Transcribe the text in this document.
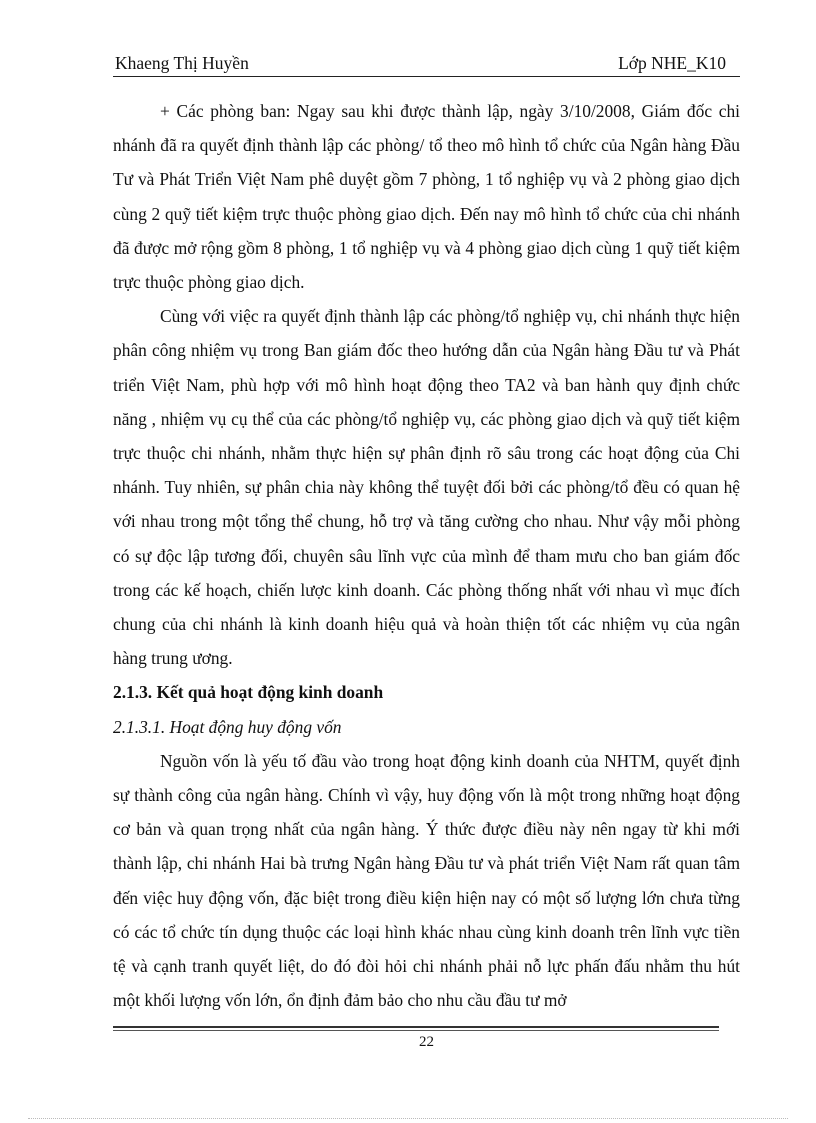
Khaeng Thị Huyền	Lớp NHE_K10

+ Các phòng ban: Ngay sau khi được thành lập, ngày 3/10/2008, Giám đốc chi nhánh đã ra quyết định thành lập các phòng/ tổ theo mô hình tổ chức của Ngân hàng Đầu Tư và Phát Triển Việt Nam phê duyệt gồm 7 phòng, 1 tổ nghiệp vụ và 2 phòng giao dịch cùng 2 quỹ tiết kiệm trực thuộc phòng giao dịch. Đến nay mô hình tổ chức của chi nhánh đã được mở rộng gồm 8 phòng, 1 tổ nghiệp vụ và 4 phòng giao dịch cùng 1 quỹ tiết kiệm trực thuộc phòng giao dịch.

Cùng với việc ra quyết định thành lập các phòng/tổ nghiệp vụ, chi nhánh thực hiện phân công nhiệm vụ trong Ban giám đốc theo hướng dẫn của Ngân hàng Đầu tư và Phát triển Việt Nam, phù hợp với mô hình hoạt động theo TA2 và ban hành quy định chức năng , nhiệm vụ cụ thể của các phòng/tổ nghiệp vụ, các phòng giao dịch và quỹ tiết kiệm trực thuộc chi nhánh, nhằm thực hiện sự phân định rõ sâu trong các hoạt động của Chi nhánh. Tuy nhiên, sự phân chia này không thể tuyệt đối bởi các phòng/tổ đều có quan hệ với nhau trong một tổng thể chung, hỗ trợ và tăng cường cho nhau. Như vậy mỗi phòng có sự độc lập tương đối, chuyên sâu lĩnh vực của mình để tham mưu cho ban giám đốc trong các kế hoạch, chiến lược kinh doanh. Các phòng thống nhất với nhau vì mục đích chung của chi nhánh là kinh doanh hiệu quả và hoàn thiện tốt các nhiệm vụ của ngân hàng trung ương.

2.1.3. Kết quả hoạt động kinh doanh

2.1.3.1. Hoạt động huy động vốn

Nguồn vốn là yếu tố đầu vào trong hoạt động kinh doanh của NHTM, quyết định sự thành công của ngân hàng. Chính vì vậy, huy động vốn là một trong những hoạt động cơ bản và quan trọng nhất của ngân hàng. Ý thức được điều này nên ngay từ khi mới thành lập, chi nhánh Hai bà trưng Ngân hàng Đầu tư và phát triển Việt Nam rất quan tâm đến việc huy động vốn, đặc biệt trong điều kiện hiện nay có một số lượng lớn chưa từng có các tổ chức tín dụng thuộc các loại hình khác nhau cùng kinh doanh trên lĩnh vực tiền tệ và cạnh tranh quyết liệt, do đó đòi hỏi chi nhánh phải nỗ lực phấn đấu nhằm thu hút một khối lượng vốn lớn, ổn định đảm bảo cho nhu cầu đầu tư mở

22
